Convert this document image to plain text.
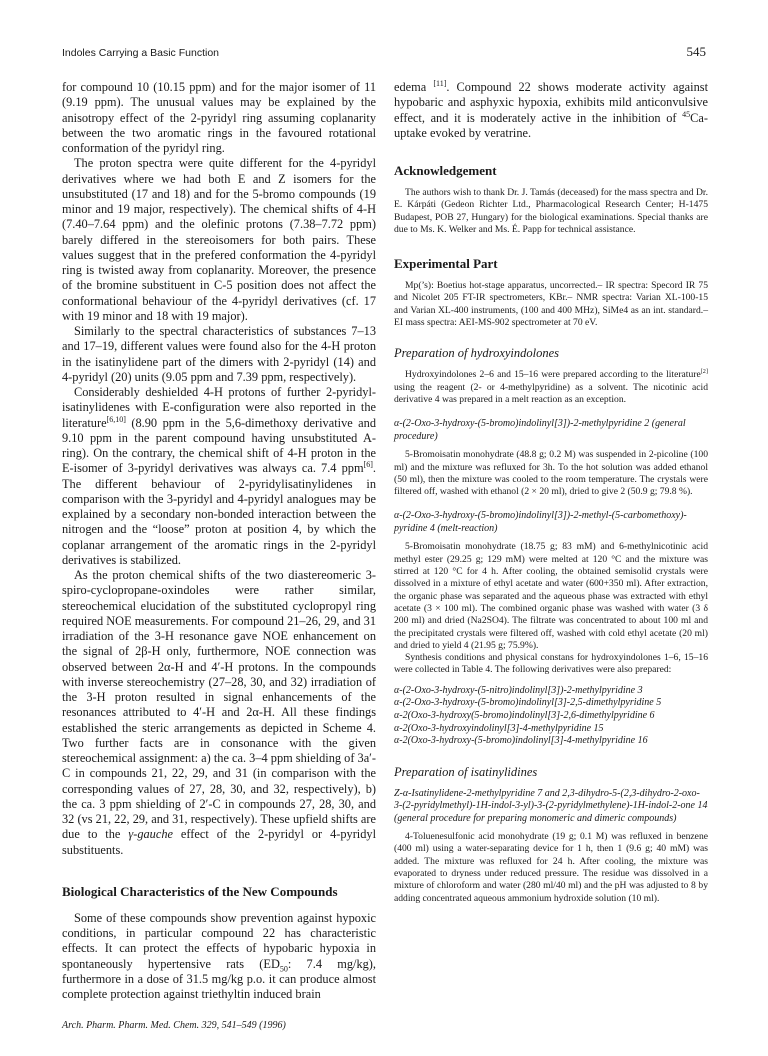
Indoles Carrying a Basic Function	545

for compound 10 (10.15 ppm) and for the major isomer of 11 (9.19 ppm). The unusual values may be explained by the anisotropy effect of the 2-pyridyl ring assuming coplanarity between the two aromatic rings in the favoured rotational conformation of the pyridyl ring.

The proton spectra were quite different for the 4-pyridyl derivatives where we had both E and Z isomers for the unsubstituted (17 and 18) and for the 5-bromo compounds (19 minor and 19 major, respectively). The chemical shifts of 4-H (7.40–7.64 ppm) and the olefinic protons (7.38–7.72 ppm) barely differed in the stereoisomers for both pairs. These values suggest that in the prefered conformation the 4-pyridyl ring is twisted away from coplanarity. Moreover, the presence of the bromine substituent in C-5 position does not affect the conformational behaviour of the 4-pyridyl derivatives (cf. 17 with 19 minor and 18 with 19 major).

Similarly to the spectral characteristics of substances 7–13 and 17–19, different values were found also for the 4-H proton in the isatinylidene part of the dimers with 2-pyridyl (14) and 4-pyridyl (20) units (9.05 ppm and 7.39 ppm, respectively).

Considerably deshielded 4-H protons of further 2-pyridyl-isatinylidenes with E-configuration were also reported in the literature[6,10] (8.90 ppm in the 5,6-dimethoxy derivative and 9.10 ppm in the parent compound having unsubstituted A-ring). On the contrary, the chemical shift of 4-H proton in the E-isomer of 3-pyridyl derivatives was always ca. 7.4 ppm[6]. The different behaviour of 2-pyridylisatinylidenes in comparison with the 3-pyridyl and 4-pyridyl analogues may be explained by a secondary non-bonded interaction between the nitrogen and the “loose” proton at position 4, by which the coplanar arrangement of the aromatic rings in the 2-pyridyl derivatives is stabilized.

As the proton chemical shifts of the two diastereomeric 3-spiro-cyclopropane-oxindoles were rather similar, stereochemical elucidation of the substituted cyclopropyl ring required NOE measurements. For compound 21–26, 29, and 31 irradiation of the 3-H resonance gave NOE enhancement on the signal of 2β-H only, furthermore, NOE connection was observed between 2α-H and 4′-H protons. In the compounds with inverse stereochemistry (27–28, 30, and 32) irradiation of the 3-H proton resulted in signal enhancements of the resonances attributed to 4′-H and 2α-H. All these findings established the steric arrangements as depicted in Scheme 4. Two further facts are in consonance with the given stereochemical assignment: a) the ca. 3–4 ppm shielding of 3a′-C in compounds 21, 22, 29, and 31 (in comparison with the corresponding values of 27, 28, 30, and 32, respectively), b) the ca. 3 ppm shielding of 2′-C in compounds 27, 28, 30, and 32 (vs 21, 22, 29, and 31, respectively). These upfield shifts are due to the γ-gauche effect of the 2-pyridyl or 4-pyridyl substituents.

Biological Characteristics of the New Compounds

Some of these compounds show prevention against hypoxic conditions, in particular compound 22 has characteristic effects. It can protect the effects of hypobaric hypoxia in spontaneously hypertensive rats ($ED_{50}$: 7.4 mg/kg), furthermore in a dose of 31.5 mg/kg p.o. it can produce almost complete protection against triethyltin induced brain

edema [11]. Compound 22 shows moderate activity against hypobaric and asphyxic hypoxia, exhibits mild anticonvulsive effect, and it is moderately active in the inhibition of $^{45}$Ca-uptake evoked by veratrine.

Acknowledgement

The authors wish to thank Dr. J. Tamás (deceased) for the mass spectra and Dr. E. Kárpáti (Gedeon Richter Ltd., Pharmacological Research Center; H-1475 Budapest, POB 27, Hungary) for the biological examinations. Special thanks are due to Ms. K. Welker and Ms. É. Papp for technical assistance.

Experimental Part

Mp(’s): Boetius hot-stage apparatus, uncorrected.– IR spectra: Specord IR 75 and Nicolet 205 FT-IR spectrometers, KBr.– NMR spectra: Varian XL-100-15 and Varian XL-400 instruments, (100 and 400 MHz), SiMe4 as an int. standard.– EI mass spectra: AEI-MS-902 spectrometer at 70 eV.

Preparation of hydroxyindolones

Hydroxyindolones 2–6 and 15–16 were prepared according to the literature[2] using the reagent (2- or 4-methylpyridine) as a solvent. The nicotinic acid derivative 4 was prepared in a melt reaction as an exception.

α-(2-Oxo-3-hydroxy-(5-bromo)indolinyl[3])-2-methylpyridine 2 (general procedure)

5-Bromoisatin monohydrate (48.8 g; 0.2 M) was suspended in 2-picoline (100 ml) and the mixture was refluxed for 3h. To the hot solution was added ethanol (50 ml), then the mixture was cooled to the room temperature. The crystals were filtered off, washed with ethanol (2 × 20 ml), dried to give 2 (50.9 g; 79.8 %).

α-(2-Oxo-3-hydroxy-(5-bromo)indolinyl[3])-2-methyl-(5-carbomethoxy)-pyridine 4 (melt-reaction)

5-Bromoisatin monohydrate (18.75 g; 83 mM) and 6-methylnicotinic acid methyl ester (29.25 g; 129 mM) were melted at 120 °C and the mixture was stirred at 120 °C for 4 h. After cooling, the obtained semisolid crystals were dissolved in a mixture of ethyl acetate and water (600+350 ml). After extraction, the organic phase was separated and the aqueous phase was extracted with ethyl acetate (3 × 100 ml). The combined organic phase was washed with water (3 δ 200 ml) and dried (Na2SO4). The filtrate was concentrated to about 100 ml and the precipitated crystals were filtered off, washed with cold ethyl acetate (20 ml) and dried to yield 4 (21.95 g; 75.9%).

Synthesis conditions and physical constans for hydroxyindolones 1–6, 15–16 were collected in Table 4. The following derivatives were also prepared:

α-(2-Oxo-3-hydroxy-(5-nitro)indolinyl[3])-2-methylpyridine 3

α-(2-Oxo-3-hydroxy-(5-bromo)indolinyl[3]-2,5-dimethylpyridine 5

α-2(Oxo-3-hydroxy(5-bromo)indolinyl[3]-2,6-dimethylpyridine 6

α-2(Oxo-3-hydroxyindolinyl[3]-4-methylpyridine 15

α-2(Oxo-3-hydroxy-(5-bromo)indolinyl[3]-4-methylpyridine 16

Preparation of isatinylidines

Z-α-Isatinylidene-2-methylpyridine 7 and 2,3-dihydro-5-(2,3-dihydro-2-oxo-3-(2-pyridylmethyl)-1H-indol-3-yl)-3-(2-pyridylmethylene)-1H-indol-2-one 14 (general procedure for preparing monomeric and dimeric compounds)

4-Toluenesulfonic acid monohydrate (19 g; 0.1 M) was refluxed in benzene (400 ml) using a water-separating device for 1 h, then 1 (9.6 g; 40 mM) was added. The mixture was refluxed for 24 h. After cooling, the mixture was evaporated to dryness under reduced pressure. The residue was dissolved in a mixture of chloroform and water (280 ml/40 ml) and the pH was adjusted to 8 by adding concentrated aqueous ammonium hydroxide solution (10 ml).

Arch. Pharm. Pharm. Med. Chem. 329, 541–549 (1996)
